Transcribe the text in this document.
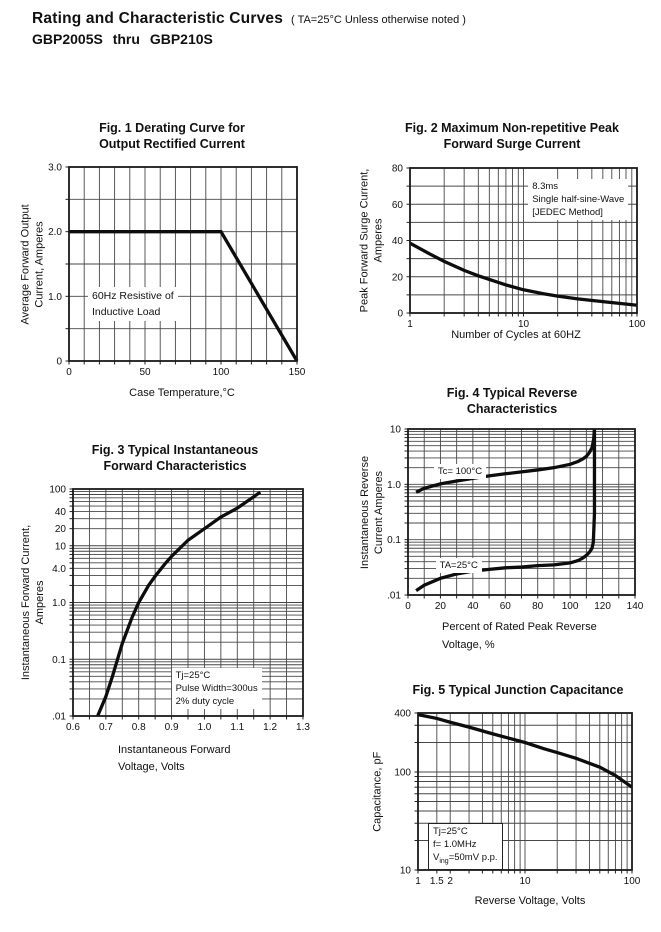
Rating and Characteristic Curves ( TA=25°C Unless otherwise noted )
GBP2005S thru GBP210S
0	50	100	150
0
1.0
2.0
3.0
Fig. 1 Derating Curve for
Output Rectified Current
Average Forward Output Current, Amperes
Case Temperature,°C
60Hz Resistive of
Inductive Load
1	10	100
0
20
40
60
80
Fig. 2 Maximum Non-repetitive Peak
Forward Surge Current
Peak Forward Surge Current, Amperes
Number of Cycles at 60HZ
8.3ms
Single half-sine-Wave
[JEDEC Method]
0.6 0.7 0.8 0.9 1.0 1.1 1.2 1.3
100
40
20
10
4.0
1.0
0.1
.01
Fig. 3 Typical Instantaneous
Forward Characteristics
Instantaneous Forward Current, Amperes
Instantaneous Forward
Voltage, Volts
Tj=25°C
Pulse Width=300us
2% duty cycle
0 20 40 60 80 100 120 140
10
1.0
0.1
.01
Fig. 4 Typical Reverse
Characteristics
Instantaneous Reverse Current Amperes
Percent of Rated Peak Reverse
Voltage, %
Tc= 100°C
TA=25°C
1 1.5 2	10	100
400
100
10
Fig. 5 Typical Junction Capacitance
Capacitance, pF
Reverse Voltage, Volts
Tj=25°C
f= 1.0MHz
$V_{ing}=50mV$ p.p.
